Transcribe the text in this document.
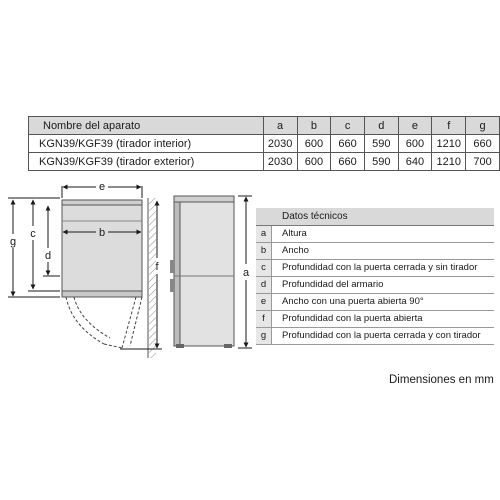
Nombre del aparato	a	b	c	d	e	f	g
KGN39/KGF39 (tirador interior)	2030	600	660	590	600	1210	660
KGN39/KGF39 (tirador exterior)	2030	600	660	590	640	1210	700
e
b
g
c
d
f	a
Datos técnicos
a	Altura
b	Ancho
c	Profundidad con la puerta cerrada y sin tirador
d	Profundidad del armario
e	Ancho con una puerta abierta 90°
f	Profundidad con la puerta abierta
g	Profundidad con la puerta cerrada y con tirador
Dimensiones en mm
